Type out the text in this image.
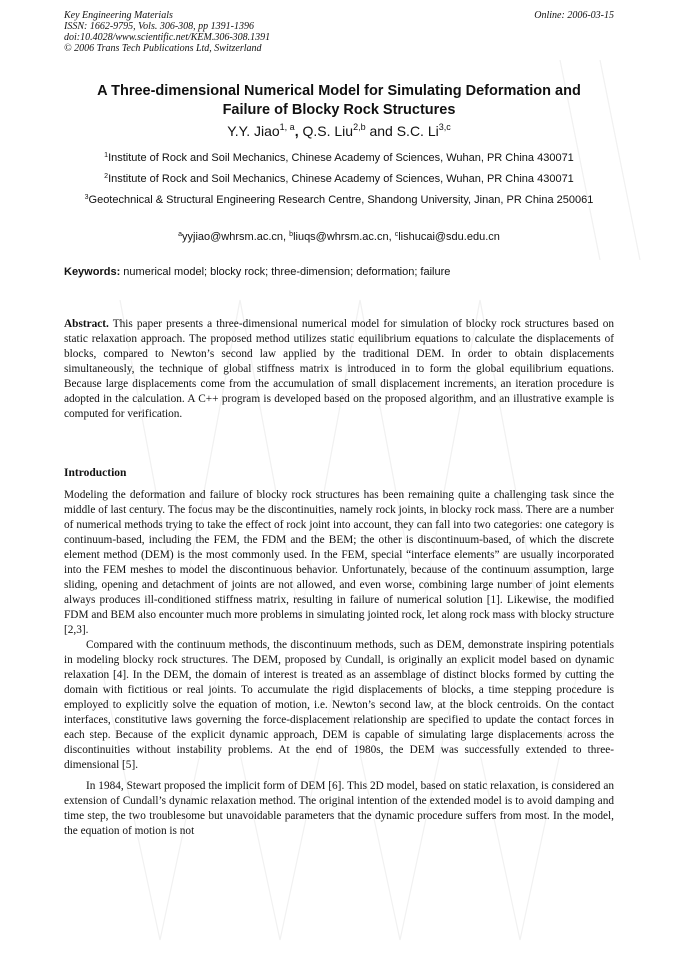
Key Engineering Materials
ISSN: 1662-9795, Vols. 306-308, pp 1391-1396
doi:10.4028/www.scientific.net/KEM.306-308.1391
© 2006 Trans Tech Publications Ltd, Switzerland
Online: 2006-03-15
A Three-dimensional Numerical Model for Simulating Deformation and
Failure of Blocky Rock Structures
Y.Y. Jiao$^{1, a}$, Q.S. Liu$^{2,b}$ and S.C. Li$^{3,c}$
$^1$Institute of Rock and Soil Mechanics, Chinese Academy of Sciences, Wuhan, PR China 430071
$^2$Institute of Rock and Soil Mechanics, Chinese Academy of Sciences, Wuhan, PR China 430071
$^3$Geotechnical & Structural Engineering Research Centre, Shandong University, Jinan, PR China 250061
$^a$yyjiao@whrsm.ac.cn, $^b$liuqs@whrsm.ac.cn, $^c$lishucai@sdu.edu.cn
Keywords: numerical model; blocky rock; three-dimension; deformation; failure

Abstract. This paper presents a three-dimensional numerical model for simulation of blocky rock structures based on static relaxation approach. The proposed method utilizes static equilibrium equations to calculate the displacements of blocks, compared to Newton’s second law applied by the traditional DEM. In order to obtain displacements simultaneously, the technique of global stiffness matrix is introduced in to form the global equilibrium equations. Because large displacements come from the accumulation of small displacement increments, an iteration procedure is adopted in the calculation. A C++ program is developed based on the proposed algorithm, and an illustrative example is computed for verification.

Introduction

Modeling the deformation and failure of blocky rock structures has been remaining quite a challenging task since the middle of last century. The focus may be the discontinuities, namely rock joints, in blocky rock mass. There are a number of numerical methods trying to take the effect of rock joint into account, they can fall into two categories: one category is continuum-based, including the FEM, the FDM and the BEM; the other is discontinuum-based, of which the discrete element method (DEM) is the most commonly used. In the FEM, special “interface elements” are usually incorporated into the FEM meshes to model the discontinuous behavior. Unfortunately, because of the continuum assumption, large sliding, opening and detachment of joints are not allowed, and even worse, combining large number of joint elements always produces ill-conditioned stiffness matrix, resulting in failure of numerical solution [1]. Likewise, the modified FDM and BEM also encounter much more problems in simulating jointed rock, let along rock mass with blocky structure [2,3].

Compared with the continuum methods, the discontinuum methods, such as DEM, demonstrate inspiring potentials in modeling blocky rock structures. The DEM, proposed by Cundall, is originally an explicit model based on dynamic relaxation [4]. In the DEM, the domain of interest is treated as an assemblage of distinct blocks formed by cutting the domain with fictitious or real joints. To accumulate the rigid displacements of blocks, a time stepping procedure is employed to explicitly solve the equation of motion, i.e. Newton’s second law, at the block centroids. On the contact interfaces, constitutive laws governing the force-displacement relationship are specified to update the contact forces in each step. Because of the explicit dynamic approach, DEM is capable of simulating large displacements across the discontinuities without instability problems. At the end of 1980s, the DEM was successfully extended to three-dimensional [5].

In 1984, Stewart proposed the implicit form of DEM [6]. This 2D model, based on static relaxation, is considered an extension of Cundall’s dynamic relaxation method. The original intention of the extended model is to avoid damping and time step, the two troublesome but unavoidable parameters that the dynamic procedure suffers from most. In the model, the equation of motion is not
